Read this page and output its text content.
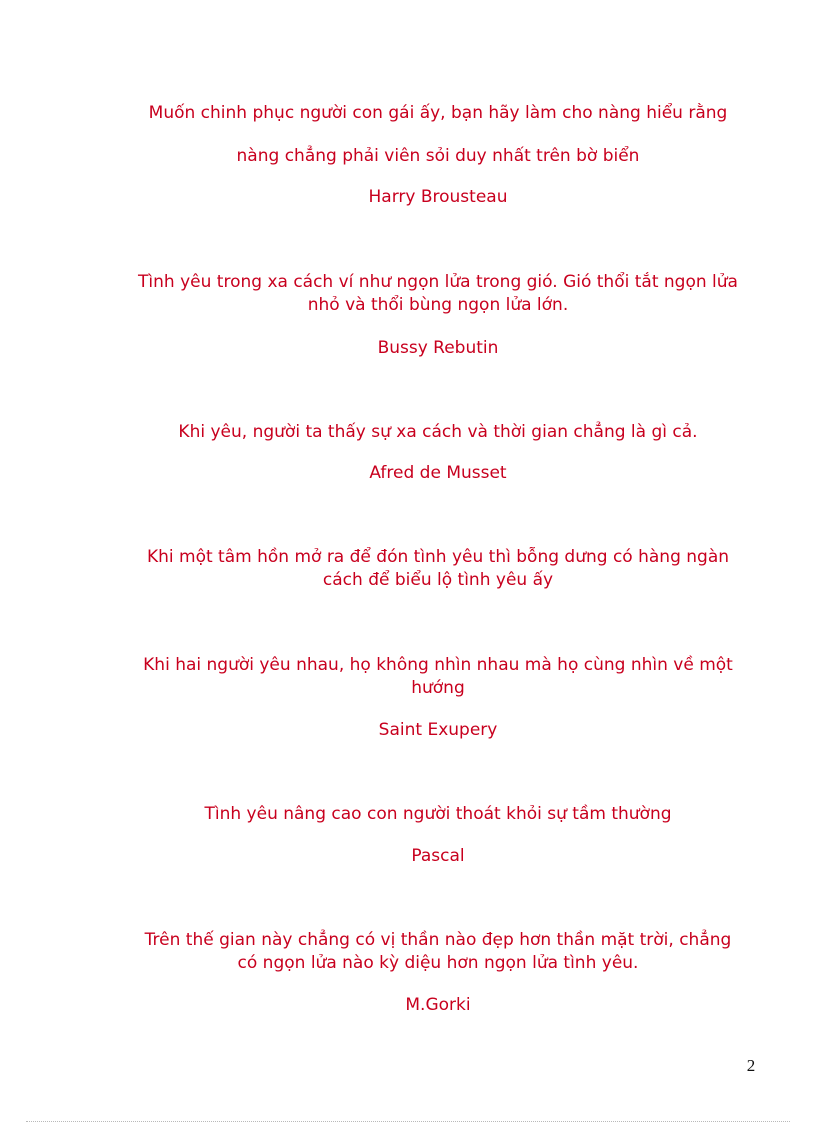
Muốn chinh phục người con gái ấy, bạn hãy làm cho nàng hiểu rằng

nàng chẳng phải viên sỏi duy nhất trên bờ biển

Harry Brousteau

Tình yêu trong xa cách ví như ngọn lửa trong gió. Gió thổi tắt ngọn lửa

nhỏ và thổi bùng ngọn lửa lớn.

Bussy Rebutin

Khi yêu, người ta thấy sự xa cách và thời gian chẳng là gì cả.

Afred de Musset

Khi một tâm hồn mở ra để đón tình yêu thì bỗng dưng có hàng ngàn

cách để biểu lộ tình yêu ấy

Khi hai người yêu nhau, họ không nhìn nhau mà họ cùng nhìn về một

hướng

Saint Exupery

Tình yêu nâng cao con người thoát khỏi sự tầm thường

Pascal

Trên thế gian này chẳng có vị thần nào đẹp hơn thần mặt trời, chẳng

có ngọn lửa nào kỳ diệu hơn ngọn lửa tình yêu.

M.Gorki

2
